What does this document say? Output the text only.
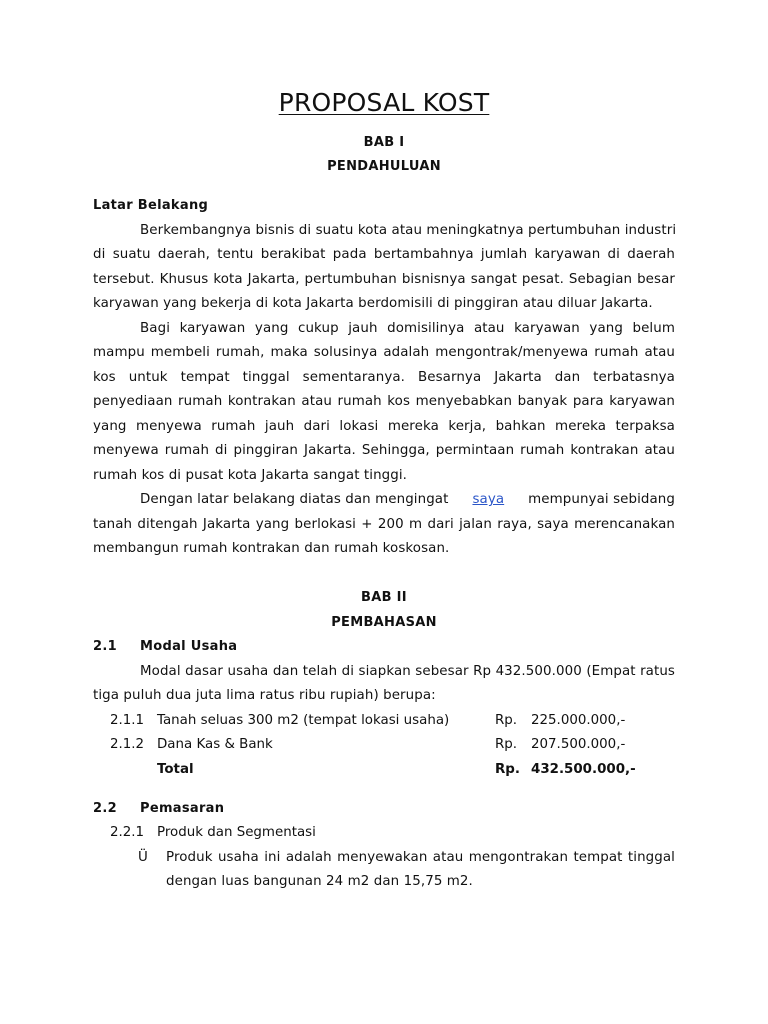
PROPOSAL KOST
BAB I
PENDAHULUAN
Latar Belakang
Berkembangnya bisnis di suatu kota atau meningkatnya pertumbuhan industri
di suatu daerah, tentu berakibat pada bertambahnya jumlah karyawan di daerah
tersebut. Khusus kota Jakarta, pertumbuhan bisnisnya sangat pesat. Sebagian besar
karyawan yang bekerja di kota Jakarta berdomisili di pinggiran atau diluar Jakarta.
Bagi karyawan yang cukup jauh domisilinya atau karyawan yang belum
mampu membeli rumah, maka solusinya adalah mengontrak/menyewa rumah atau
kos untuk tempat tinggal sementaranya. Besarnya Jakarta dan terbatasnya
penyediaan rumah kontrakan atau rumah kos menyebabkan banyak para karyawan
yang menyewa rumah jauh dari lokasi mereka kerja, bahkan mereka terpaksa
menyewa rumah di pinggiran Jakarta. Sehingga, permintaan rumah kontrakan atau
rumah kos di pusat kota Jakarta sangat tinggi.
Dengan latar belakang diatas dan mengingat saya mempunyai sebidang
tanah ditengah Jakarta yang berlokasi + 200 m dari jalan raya, saya merencanakan
membangun rumah kontrakan dan rumah koskosan.
BAB II
PEMBAHASAN
2.1 Modal Usaha
Modal dasar usaha dan telah di siapkan sebesar Rp 432.500.000 (Empat ratus
tiga puluh dua juta lima ratus ribu rupiah) berupa:
2.1.1 Tanah seluas 300 m2 (tempat lokasi usaha)	Rp. 225.000.000,-
2.1.2 Dana Kas & Bank	Rp. 207.500.000,-
Total	Rp. 432.500.000,-
2.2 Pemasaran
2.2.1 Produk dan Segmentasi
Ü Produk usaha ini adalah menyewakan atau mengontrakan tempat tinggal
dengan luas bangunan 24 m2 dan 15,75 m2.
